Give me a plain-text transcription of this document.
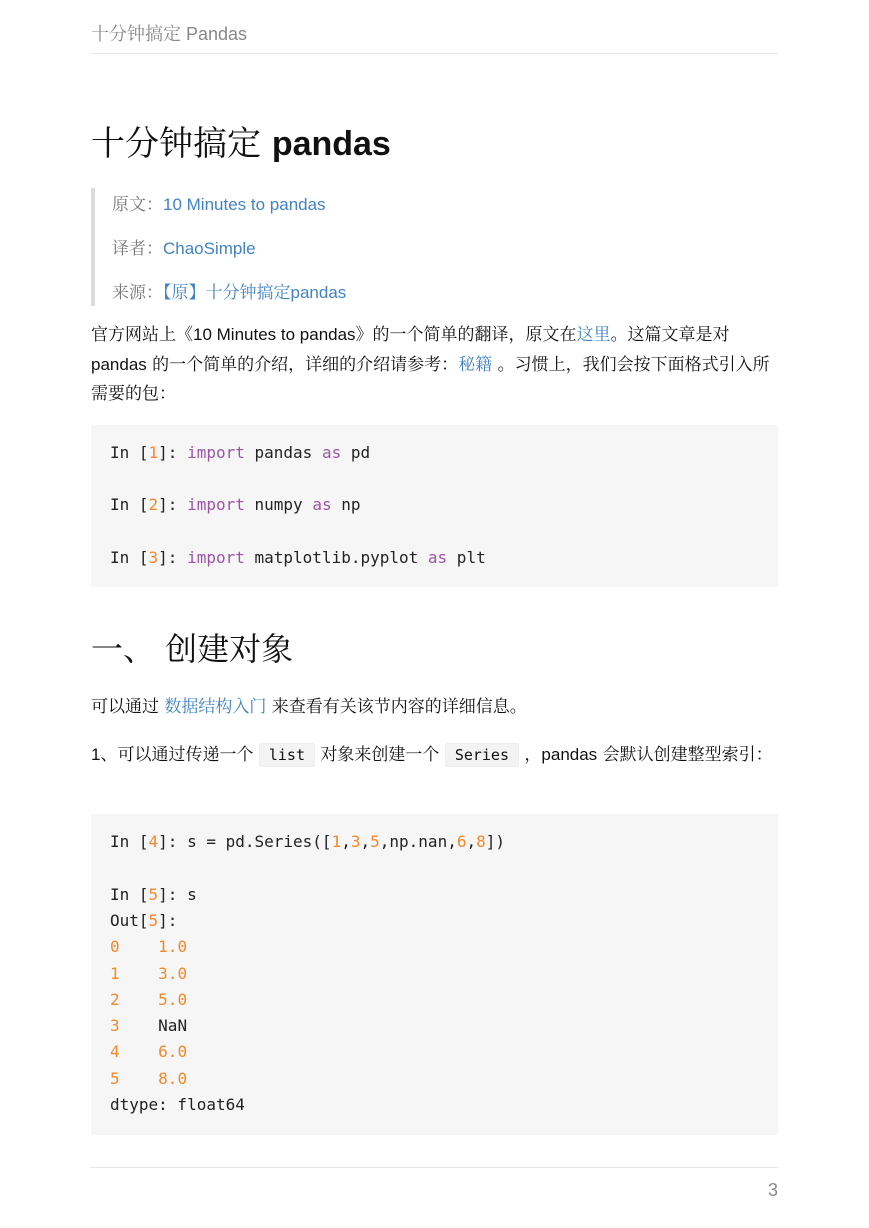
十分钟搞定 Pandas
十分钟搞定 pandas
原文：10 Minutes to pandas
译者：ChaoSimple
来源：【原】十分钟搞定pandas

官方网站上《10 Minutes to pandas》的一个简单的翻译，原文在这里。这篇文章是对 pandas 的一个简单的介绍，详细的介绍请参考：秘籍 。习惯上，我们会按下面格式引入所需要的包：

In [1]: import pandas as pd
In [2]: import numpy as np
In [3]: import matplotlib.pyplot as plt
一、 创建对象

可以通过 数据结构入门 来查看有关该节内容的详细信息。

1、可以通过传递一个 list 对象来创建一个 Series ，pandas 会默认创建整型索引：

In [4]: s = pd.Series([1,3,5,np.nan,6,8])
In [5]: s
Out[5]:
0 1.0
1 3.0
2 5.0
3 NaN
4 6.0
5 8.0
dtype: float64
3
